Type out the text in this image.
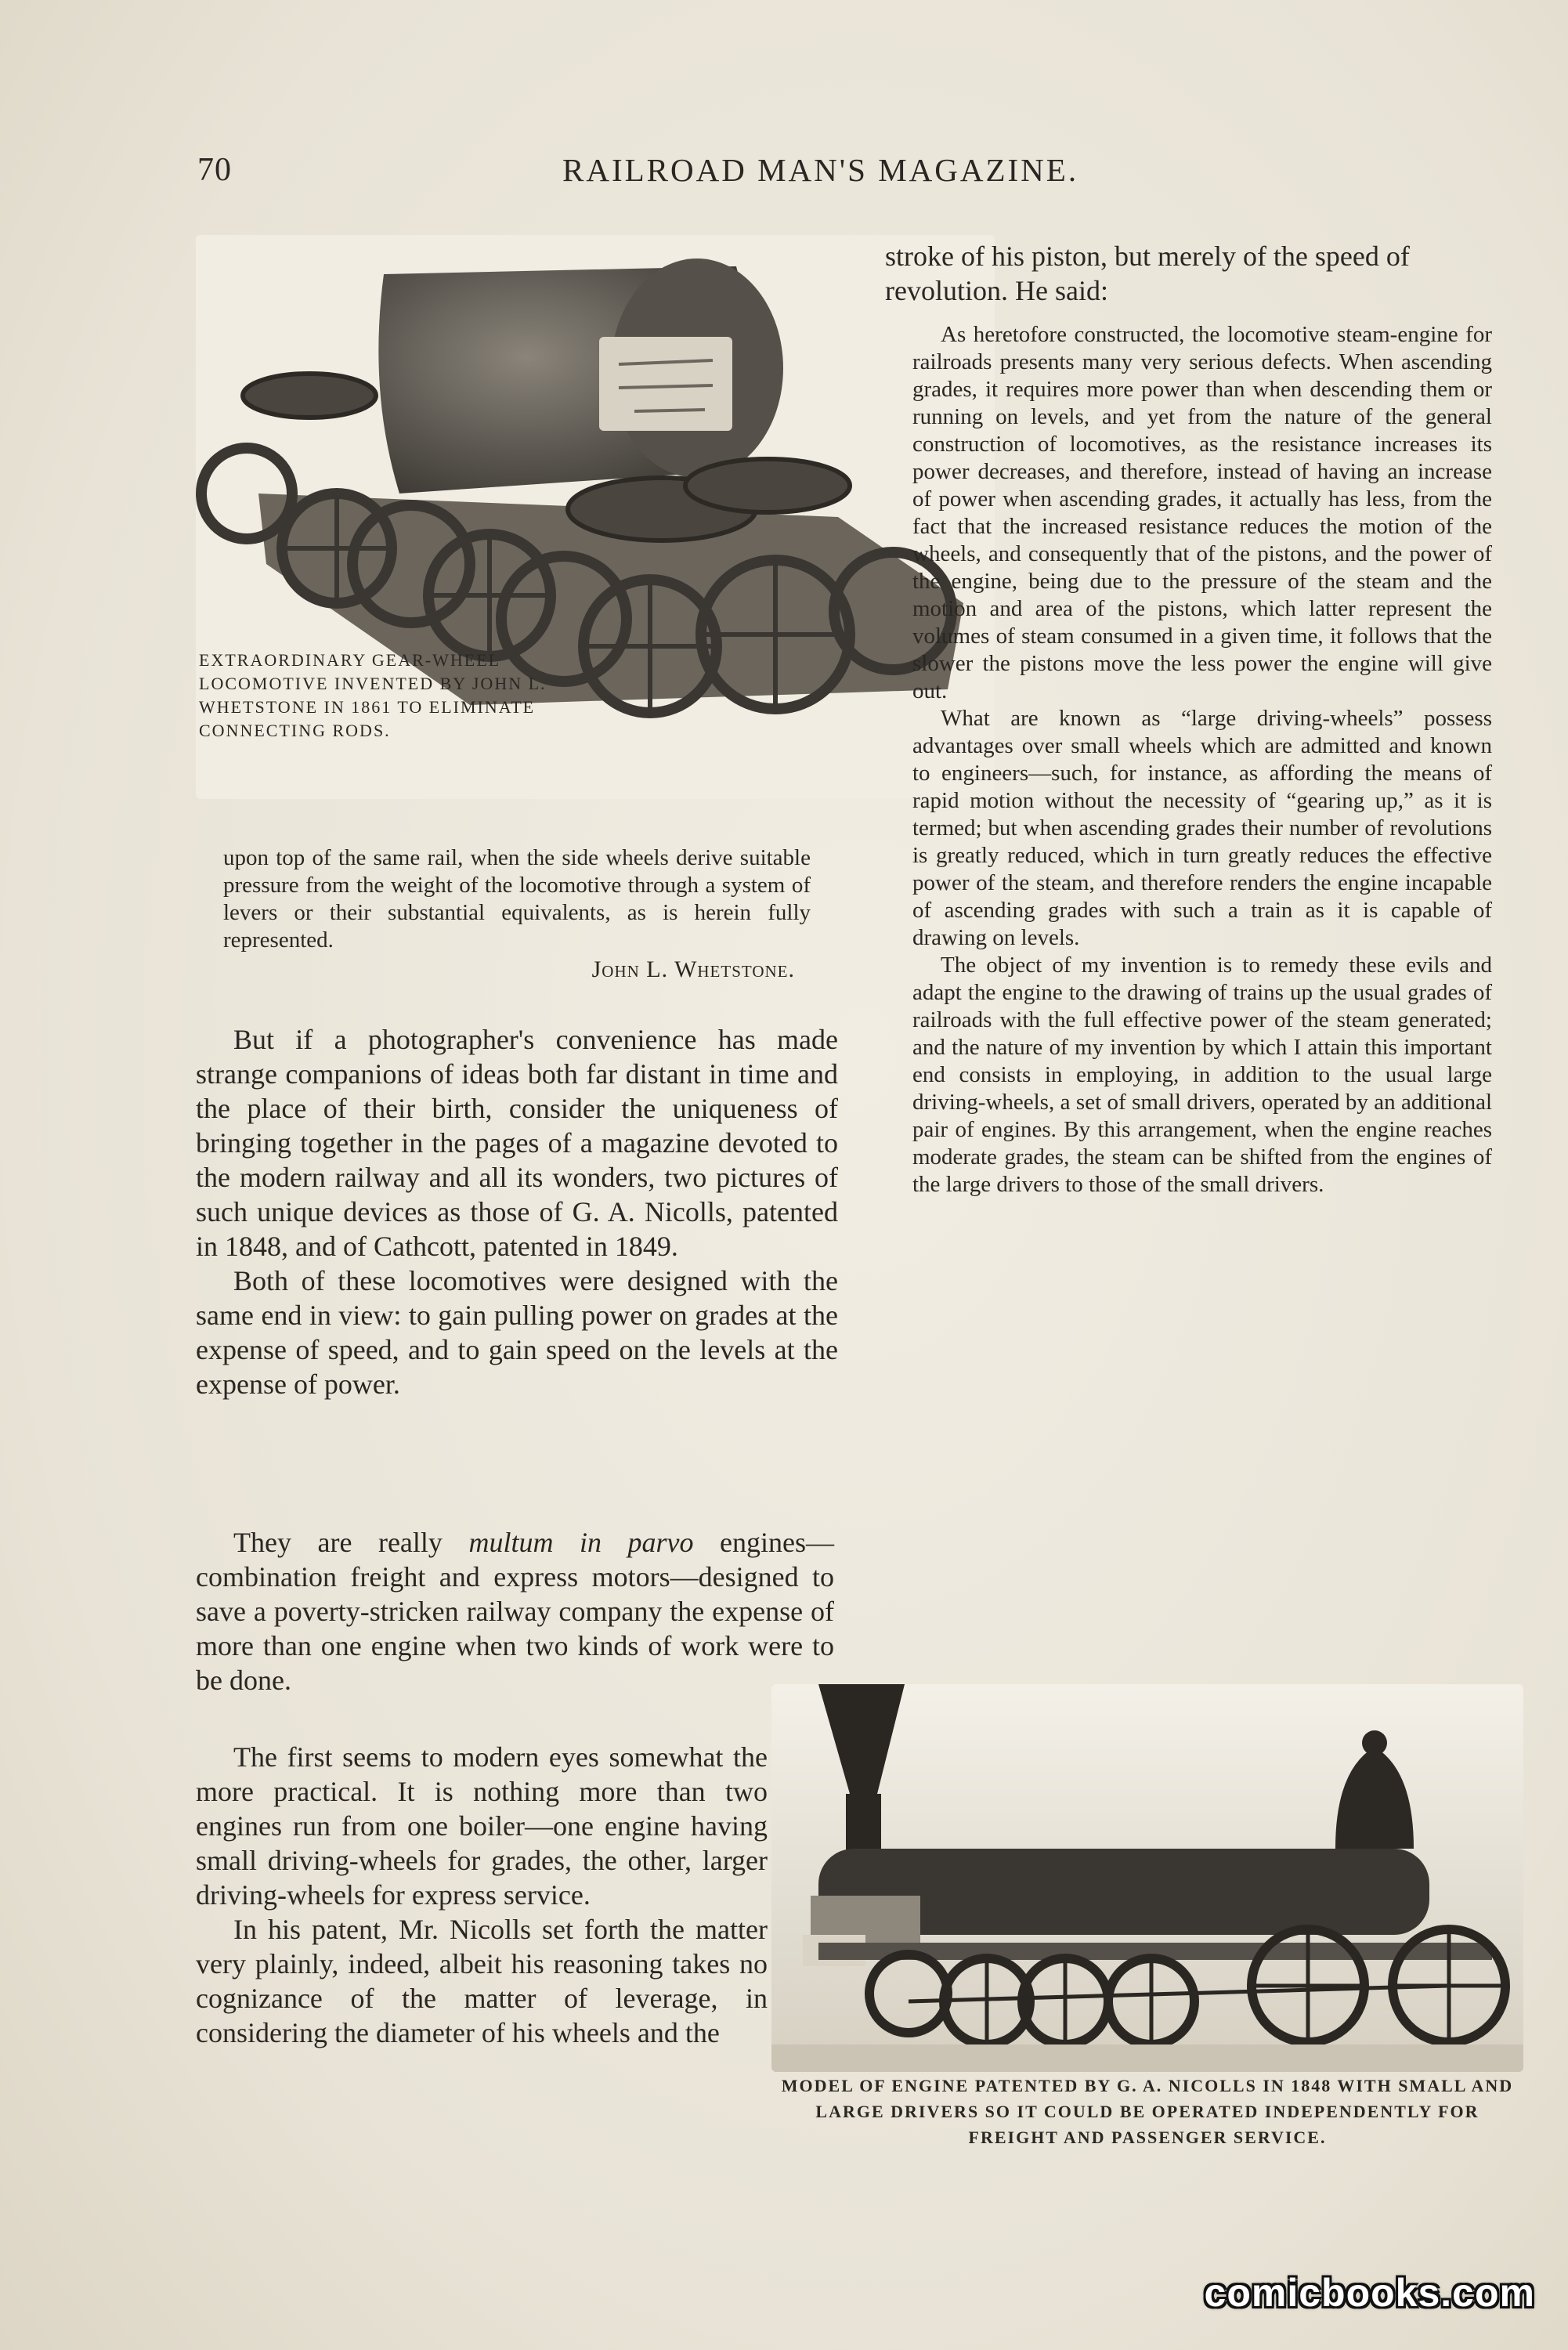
70	RAILROAD MAN'S MAGAZINE.
EXTRAORDINARY GEAR-WHEEL LOCOMOTIVE INVENTED BY JOHN L. WHETSTONE IN 1861 TO ELIMINATE CONNECTING RODS.

upon top of the same rail, when the side wheels derive suitable pressure from the weight of the locomotive through a system of levers or their substantial equivalents, as is herein fully represented.

John L. Whetstone.

But if a photographer's convenience has made strange companions of ideas both far distant in time and the place of their birth, consider the uniqueness of bringing together in the pages of a magazine devoted to the modern railway and all its wonders, two pictures of such unique devices as those of G. A. Nicolls, patented in 1848, and of Cathcott, patented in 1849.

Both of these locomotives were designed with the same end in view: to gain pulling power on grades at the expense of speed, and to gain speed on the levels at the expense of power.

They are really multum in parvo engines—combination freight and express motors—designed to save a poverty-stricken railway company the expense of more than one engine when two kinds of work were to be done.

The first seems to modern eyes somewhat the more practical. It is nothing more than two engines run from one boiler—one engine having small driving-wheels for grades, the other, larger driving-wheels for express service.

In his patent, Mr. Nicolls set forth the matter very plainly, indeed, albeit his reasoning takes no cognizance of the matter of leverage, in considering the diameter of his wheels and the

stroke of his piston, but merely of the speed of revolution. He said:

As heretofore constructed, the locomotive steam-engine for railroads presents many very serious defects. When ascending grades, it requires more power than when descending them or running on levels, and yet from the nature of the general construction of locomotives, as the resistance increases its power decreases, and therefore, instead of having an increase of power when ascending grades, it actually has less, from the fact that the increased resistance reduces the motion of the wheels, and consequently that of the pistons, and the power of the engine, being due to the pressure of the steam and the motion and area of the pistons, which latter represent the volumes of steam consumed in a given time, it follows that the slower the pistons move the less power the engine will give out.

What are known as “large driving-wheels” possess advantages over small wheels which are admitted and known to engineers—such, for instance, as affording the means of rapid motion without the necessity of “gearing up,” as it is termed; but when ascending grades their number of revolutions is greatly reduced, which in turn greatly reduces the effective power of the steam, and therefore renders the engine incapable of ascending grades with such a train as it is capable of drawing on levels.

The object of my invention is to remedy these evils and adapt the engine to the drawing of trains up the usual grades of railroads with the full effective power of the steam generated; and the nature of my invention by which I attain this important end consists in employing, in addition to the usual large driving-wheels, a set of small drivers, operated by an additional pair of engines. By this arrangement, when the engine reaches moderate grades, the steam can be shifted from the engines of the large drivers to those of the small drivers.

MODEL OF ENGINE PATENTED BY G. A. NICOLLS IN 1848 WITH SMALL AND LARGE DRIVERS SO IT COULD BE OPERATED INDEPENDENTLY FOR FREIGHT AND PASSENGER SERVICE.
comicbooks.com
